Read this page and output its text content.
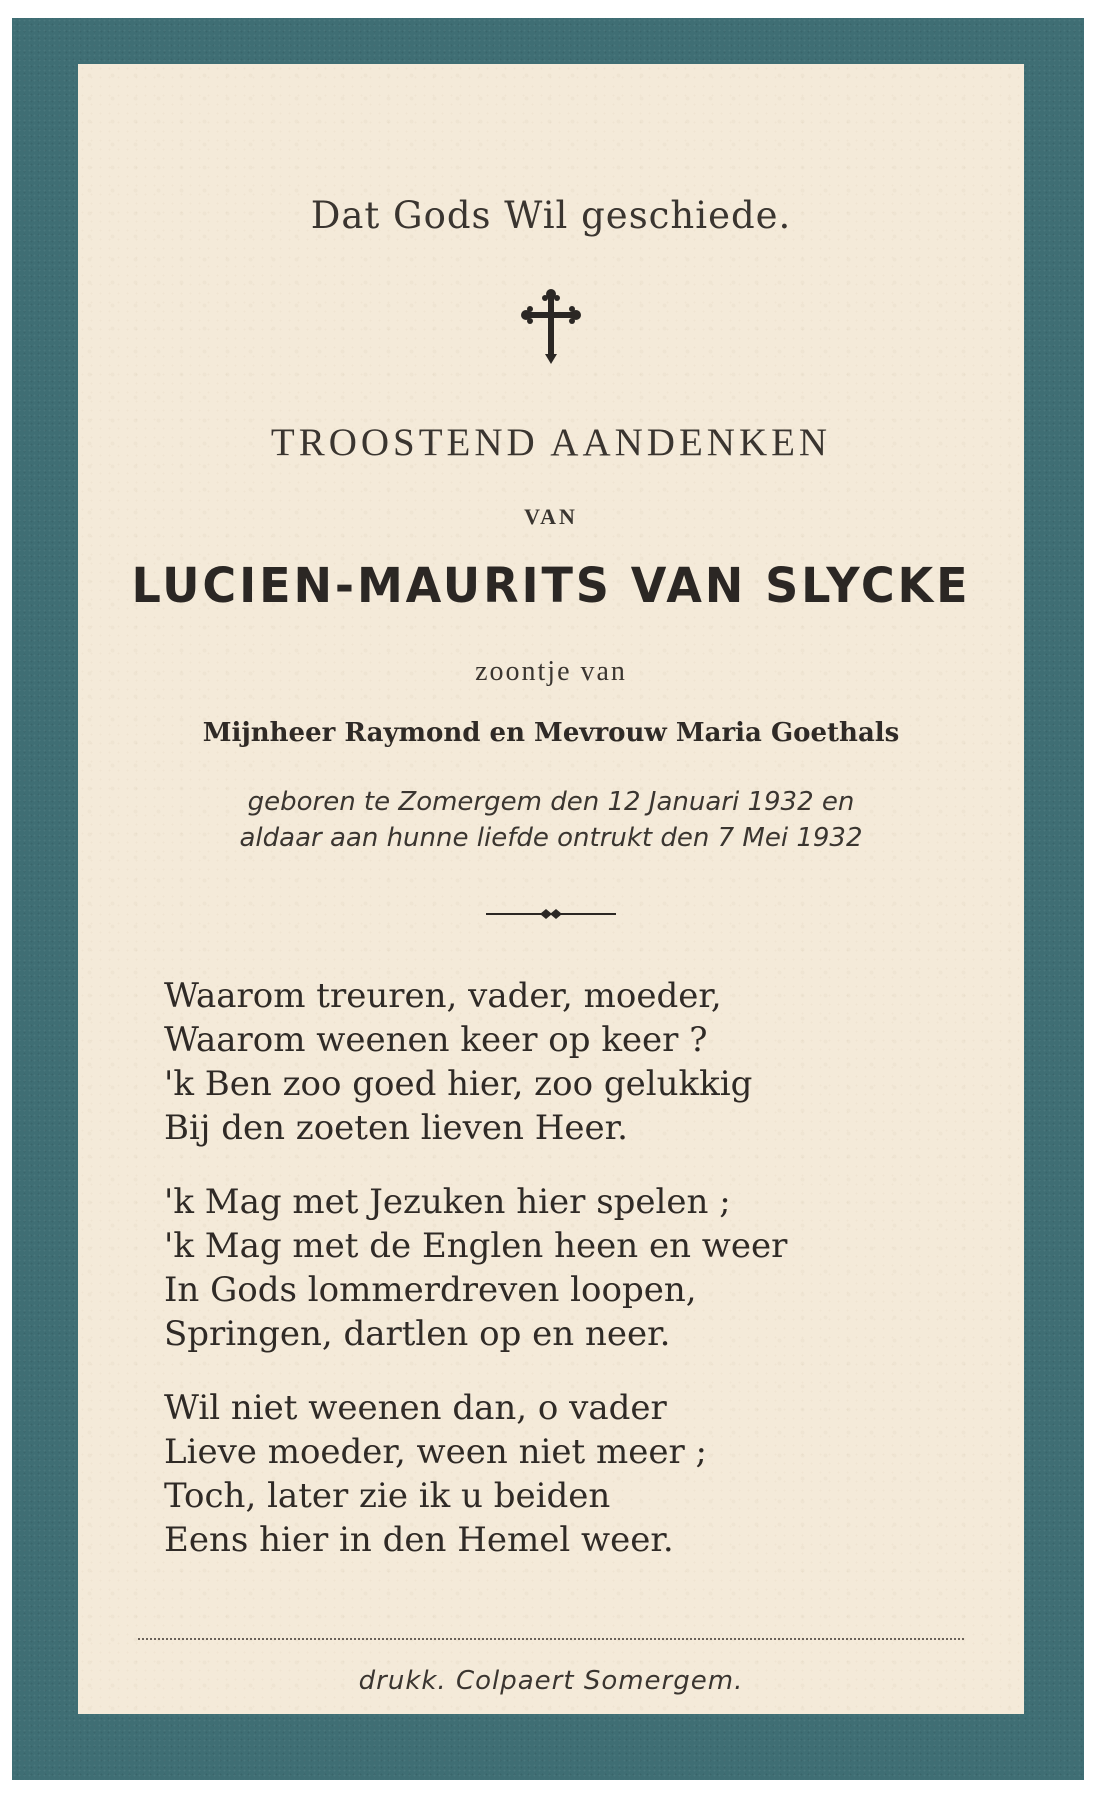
Dat Gods Wil geschiede.
TROOSTEND AANDENKEN
VAN
LUCIEN-MAURITS VAN SLYCKE
zoontje van
Mijnheer Raymond en Mevrouw Maria Goethals
geboren te Zomergem den 12 Januari 1932 en
aldaar aan hunne liefde ontrukt den 7 Mei 1932
Waarom treuren, vader, moeder,
Waarom weenen keer op keer ?
'k Ben zoo goed hier, zoo gelukkig
Bij den zoeten lieven Heer.
'k Mag met Jezuken hier spelen ;
'k Mag met de Englen heen en weer
In Gods lommerdreven loopen,
Springen, dartlen op en neer.
Wil niet weenen dan, o vader
Lieve moeder, ween niet meer ;
Toch, later zie ik u beiden
Eens hier in den Hemel weer.
drukk. Colpaert Somergem.
